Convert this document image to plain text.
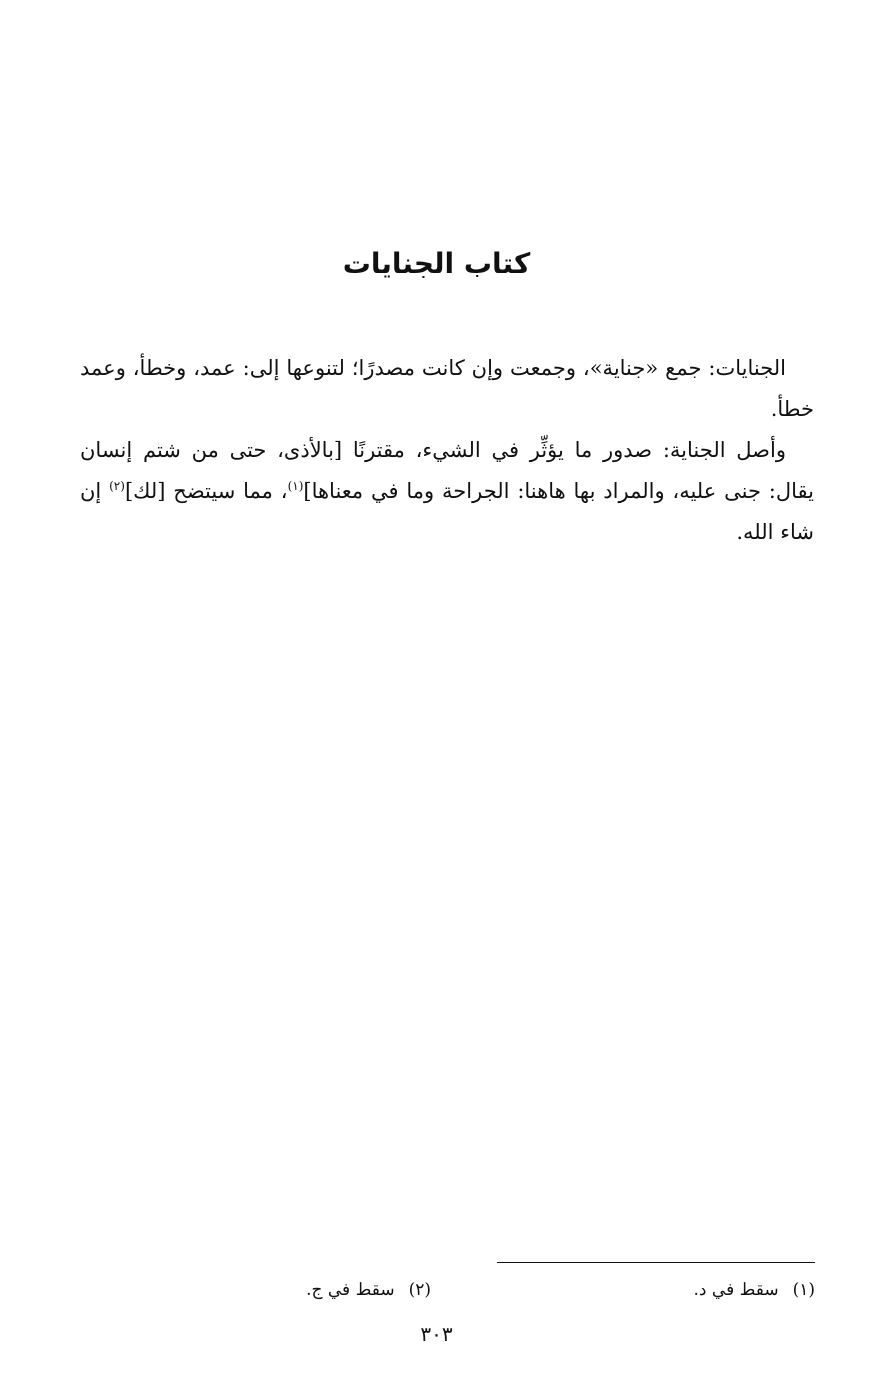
كتاب الجنايات

الجنايات: جمع «جناية»، وجمعت وإن كانت مصدرًا؛ لتنوعها إلى: عمد، وخطأ، وعمد خطأ.

وأصل الجناية: صدور ما يؤثِّر في الشيء، مقترنًا [بالأذى، حتى من شتم إنسان يقال: جنى عليه، والمراد بها هاهنا: الجراحة وما في معناها]$^{(١)}$، مما سيتضح [لك]$^{(٢)}$ إن شاء الله.

(١)سقط في د.
(٢)سقط في ج.
٣٠٣
